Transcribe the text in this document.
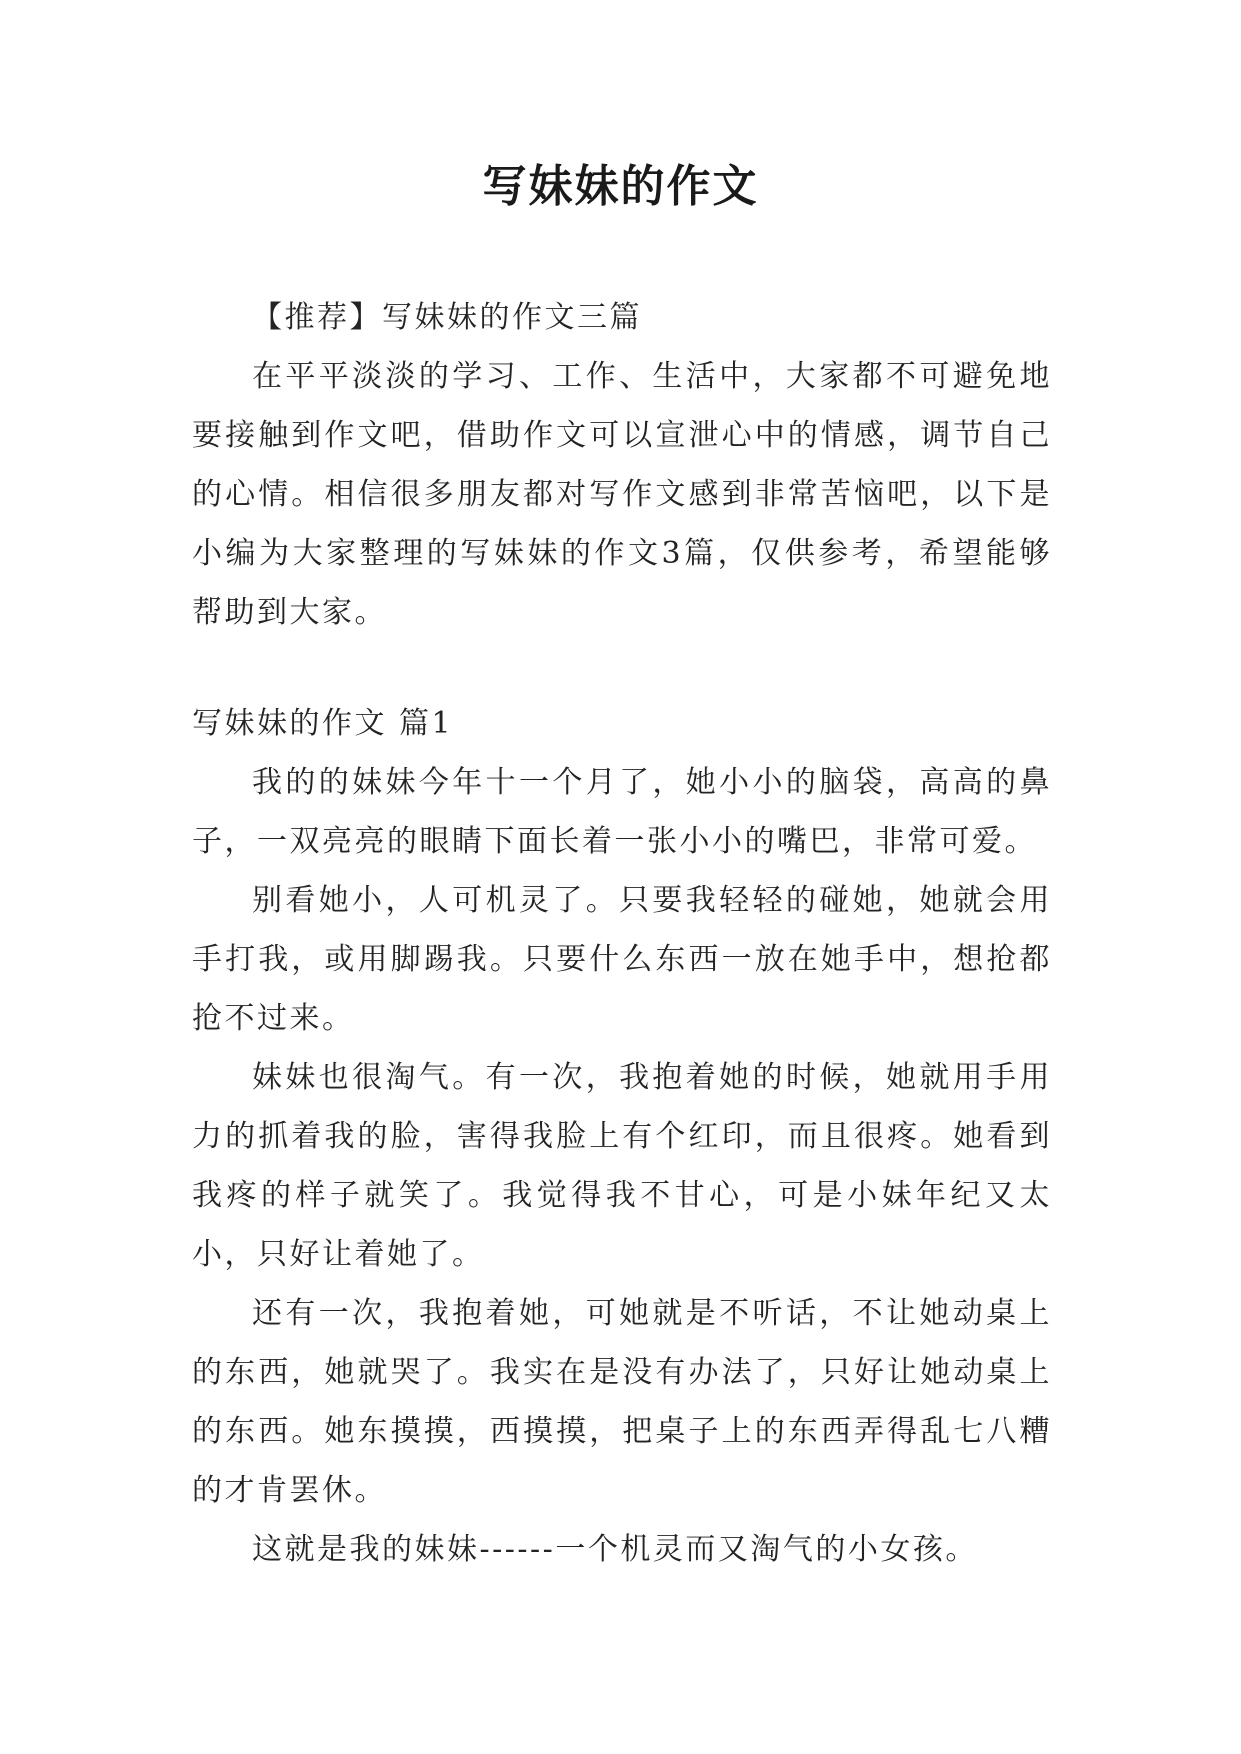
写妹妹的作文

【推荐】写妹妹的作文三篇

在平平淡淡的学习、工作、生活中，大家都不可避免地要接触到作文吧，借助作文可以宣泄心中的情感，调节自己的心情。相信很多朋友都对写作文感到非常苦恼吧，以下是小编为大家整理的写妹妹的作文3篇，仅供参考，希望能够帮助到大家。

写妹妹的作文 篇1

我的的妹妹今年十一个月了，她小小的脑袋，高高的鼻子，一双亮亮的眼睛下面长着一张小小的嘴巴，非常可爱。

别看她小，人可机灵了。只要我轻轻的碰她，她就会用手打我，或用脚踢我。只要什么东西一放在她手中，想抢都抢不过来。

妹妹也很淘气。有一次，我抱着她的时候，她就用手用力的抓着我的脸，害得我脸上有个红印，而且很疼。她看到我疼的样子就笑了。我觉得我不甘心，可是小妹年纪又太小，只好让着她了。

还有一次，我抱着她，可她就是不听话，不让她动桌上的东西，她就哭了。我实在是没有办法了，只好让她动桌上的东西。她东摸摸，西摸摸，把桌子上的东西弄得乱七八糟的才肯罢休。

这就是我的妹妹------一个机灵而又淘气的小女孩。
